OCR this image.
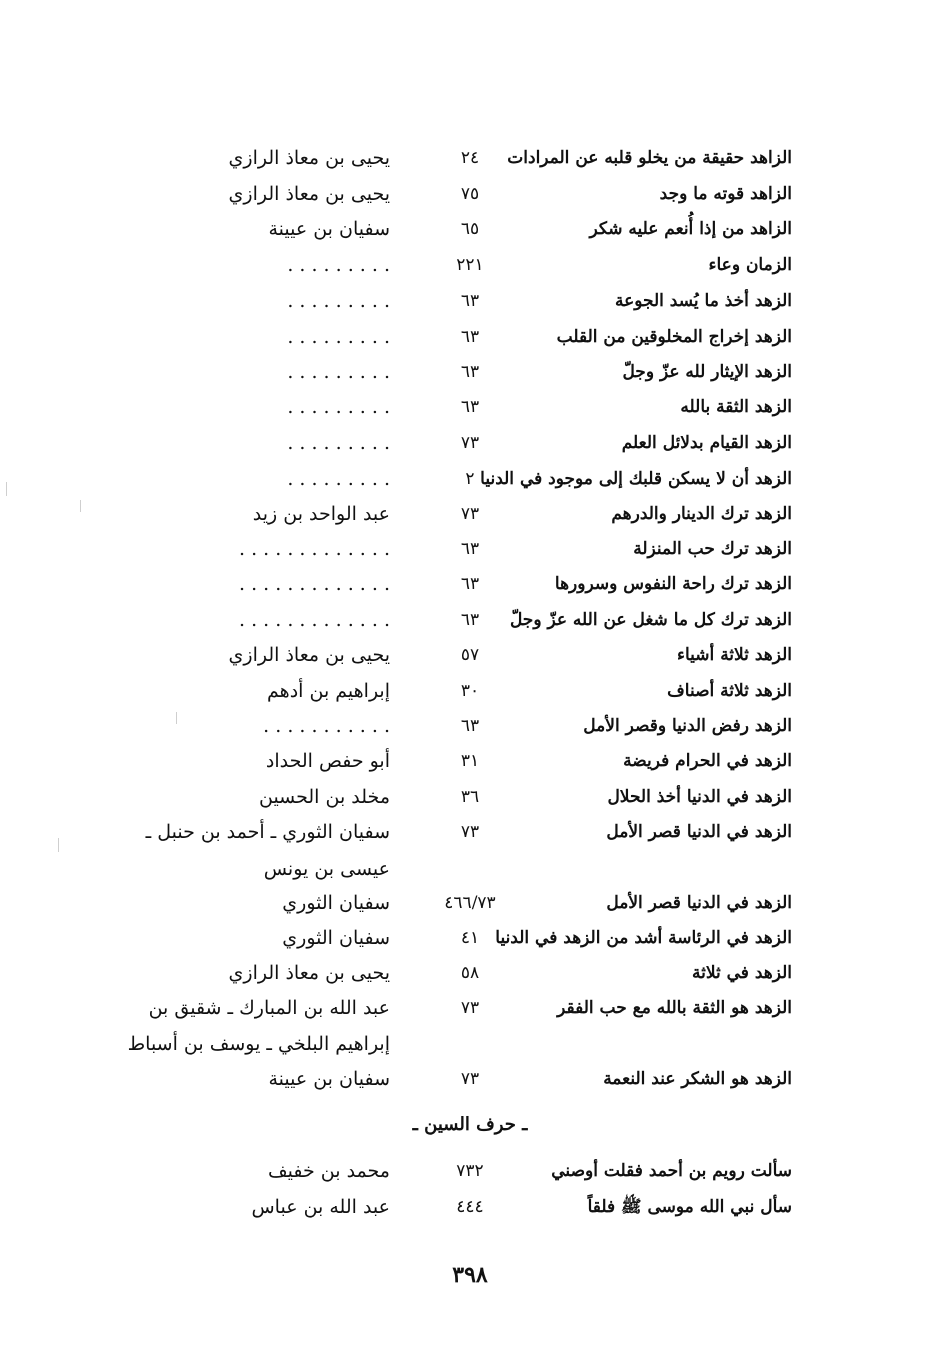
الزاهد حقيقة من يخلو قلبه عن المرادات
٢٤
يحيى بن معاذ الرازي
الزاهد قوته ما وجد
٧٥
يحيى بن معاذ الرازي
الزاهد من إذا أُنعم عليه شكر
٦٥
سفيان بن عيينة
الزمان وعاء
٢٢١
. . . . . . . . .
الزهد أخذ ما يُسد الجوعة
٦٣
. . . . . . . . .
الزهد إخراج المخلوقين من القلب
٦٣
. . . . . . . . .
الزهد الإيثار لله عزّ وجلّ
٦٣
. . . . . . . . .
الزهد الثقة بالله
٦٣
. . . . . . . . .
الزهد القيام بدلائل العلم
٧٣
. . . . . . . . .
الزهد أن لا يسكن قلبك إلى موجود في الدنيا
٢
. . . . . . . . .
الزهد ترك الدينار والدرهم
٧٣
عبد الواحد بن زيد
الزهد ترك حب المنزلة
٦٣
. . . . . . . . . . . . .
الزهد ترك راحة النفوس وسرورها
٦٣
. . . . . . . . . . . . .
الزهد ترك كل ما شغل عن الله عزّ وجلّ
٦٣
. . . . . . . . . . . . .
الزهد ثلاثة أشياء
٥٧
يحيى بن معاذ الرازي
الزهد ثلاثة أصناف
٣٠
إبراهيم بن أدهم
الزهد رفض الدنيا وقصر الأمل
٦٣
. . . . . . . . . . .
الزهد في الحرام فريضة
٣١
أبو حفص الحداد
الزهد في الدنيا أخذ الحلال
٣٦
مخلد بن الحسين
الزهد في الدنيا قصر الأمل
٧٣
سفيان الثوري ـ أحمد بن حنبل ـ
عيسى بن يونس
الزهد في الدنيا قصر الأمل
٤٦٦/٧٣
سفيان الثوري
الزهد في الرئاسة أشد من الزهد في الدنيا
٤١
سفيان الثوري
الزهد في ثلاثة
٥٨
يحيى بن معاذ الرازي
الزهد هو الثقة بالله مع حب الفقر
٧٣
عبد الله بن المبارك ـ شقيق بن
إبراهيم البلخي ـ يوسف بن أسباط
الزهد هو الشكر عند النعمة
٧٣
سفيان بن عيينة
ـ حرف السين ـ
سألت رويم بن أحمد فقلت أوصني
٧٣٢
محمد بن خفيف
سأل نبي الله موسى ﷺ فلقاً
٤٤٤
عبد الله بن عباس
٣٩٨
